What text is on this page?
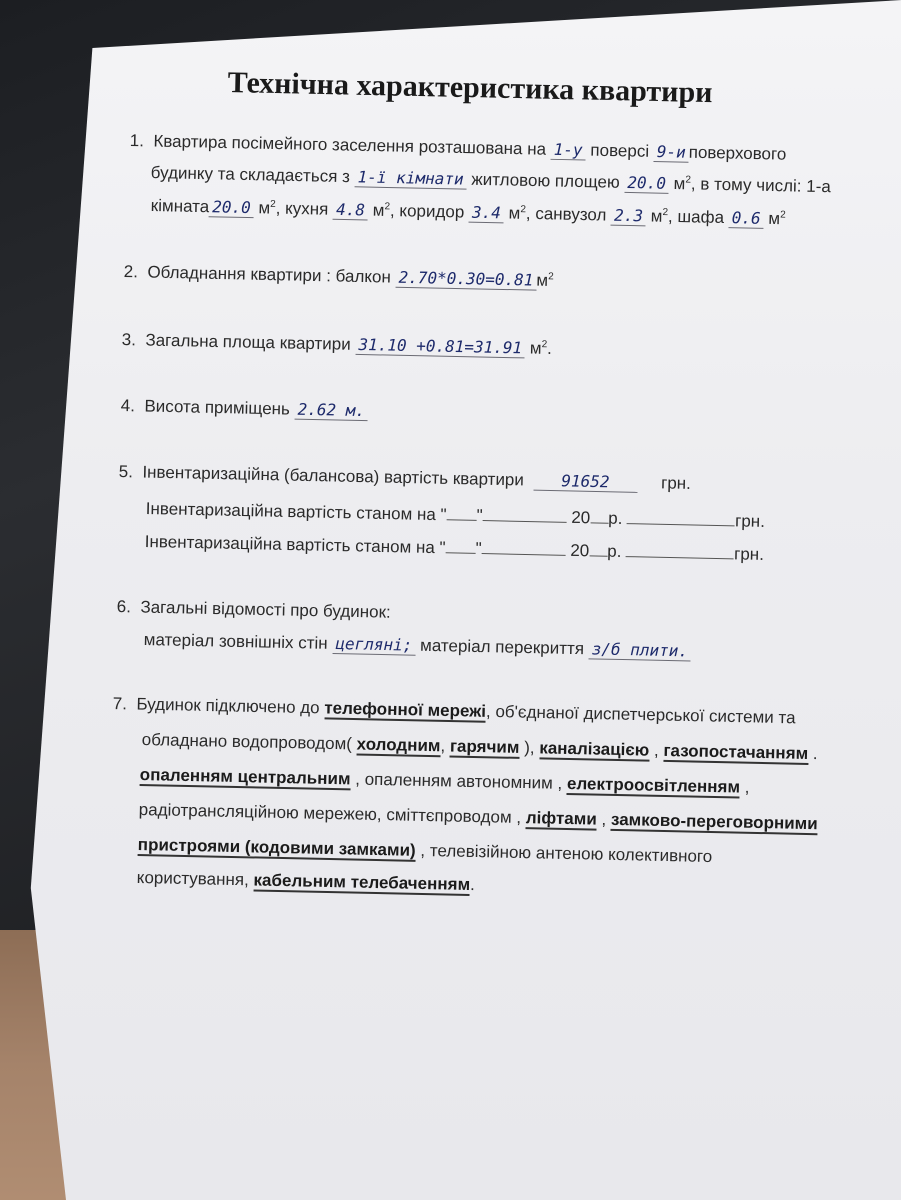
Технічна характеристика квартири
1. Квартира посімейного заселення розташована на 1-у поверсі 9-и поверхового
будинку та складається з 1-ї кімнати житловою площею 20.0 $м^2$, в тому числі: 1-а
кімната 20.0 $м^2$, кухня 4.8 $м^2$, коридор 3.4 $м^2$, санвузол 2.3 $м^2$, шафа 0.6 $м^2$
2. Обладнання квартири : балкон 2.70*0.30=0.81 $м^2$
3. Загальна площа квартири 31.10 +0.81=31.91 $м^2$.
4. Висота приміщень 2.62 м.
5. Інвентаризаційна (балансова) вартість квартири 91652	грн.
Інвентаризаційна вартість станом на " "	20 р.	грн.
Інвентаризаційна вартість станом на " "	20 р.	грн.
6. Загальні відомості про будинок:
матеріал зовнішніх стін цегляні; матеріал перекриття з/б плити.
7. Будинок підключено до телефонної мережі, об'єднаної диспетчерської системи та
обладнано водопроводом( холодним, гарячим ), каналізацією , газопостачанням .
опаленням центральним , опаленням автономним , електроосвітленням ,
радіотрансляційною мережею, сміттєпроводом , ліфтами , замково-переговорними
пристроями (кодовими замками) , телевізійною антеною колективного
користування, кабельним телебаченням.
